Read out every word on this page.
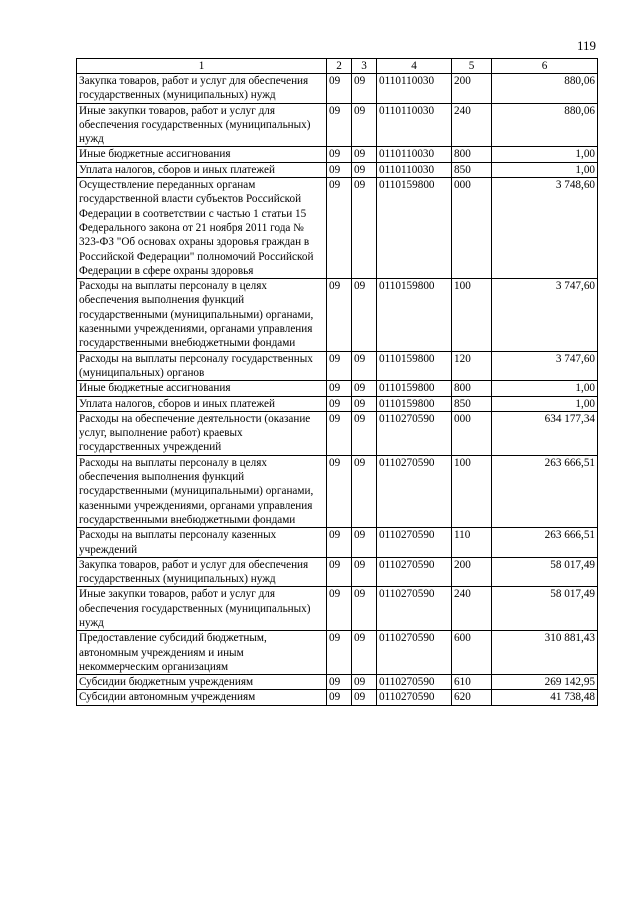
119
1	2	3	4	5	6
Закупка товаров, работ и услуг для обеспечения государственных (муниципальных) нужд	09	09	0110110030	200	880,06
Иные закупки товаров, работ и услуг для обеспечения государственных (муниципальных) нужд	09	09	0110110030	240	880,06
Иные бюджетные ассигнования	09	09	0110110030	800	1,00
Уплата налогов, сборов и иных платежей	09	09	0110110030	850	1,00
Осуществление переданных органам государственной власти субъектов Российской Федерации в соответствии с частью 1 статьи 15 Федерального закона от 21 ноября 2011 года № 323-ФЗ "Об основах охраны здоровья граждан в Российской Федерации" полномочий Российской Федерации в сфере охраны здоровья	09	09	0110159800	000	3 748,60
Расходы на выплаты персоналу в целях обеспечения выполнения функций государственными (муниципальными) органами, казенными учреждениями, органами управления государственными внебюджетными фондами	09	09	0110159800	100	3 747,60
Расходы на выплаты персоналу государственных (муниципальных) органов	09	09	0110159800	120	3 747,60
Иные бюджетные ассигнования	09	09	0110159800	800	1,00
Уплата налогов, сборов и иных платежей	09	09	0110159800	850	1,00
Расходы на обеспечение деятельности (оказание услуг, выполнение работ) краевых государственных учреждений	09	09	0110270590	000	634 177,34
Расходы на выплаты персоналу в целях обеспечения выполнения функций государственными (муниципальными) органами, казенными учреждениями, органами управления государственными внебюджетными фондами	09	09	0110270590	100	263 666,51
Расходы на выплаты персоналу казенных учреждений	09	09	0110270590	110	263 666,51
Закупка товаров, работ и услуг для обеспечения государственных (муниципальных) нужд	09	09	0110270590	200	58 017,49
Иные закупки товаров, работ и услуг для обеспечения государственных (муниципальных) нужд	09	09	0110270590	240	58 017,49
Предоставление субсидий бюджетным, автономным учреждениям и иным некоммерческим организациям	09	09	0110270590	600	310 881,43
Субсидии бюджетным учреждениям	09	09	0110270590	610	269 142,95
Субсидии автономным учреждениям	09	09	0110270590	620	41 738,48
